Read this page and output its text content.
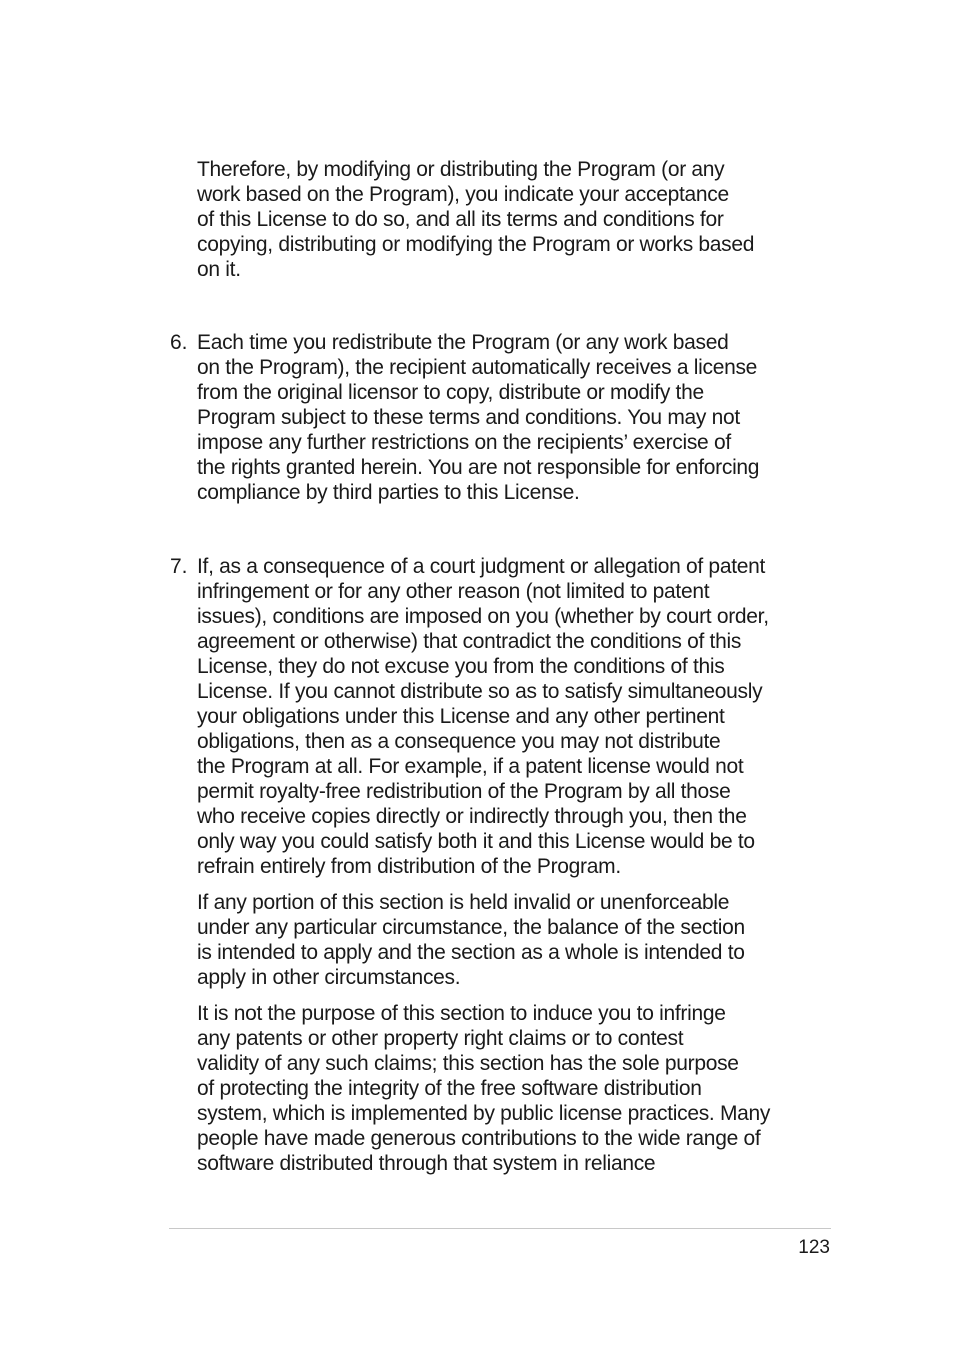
Therefore, by modifying or distributing the Program (or any
work based on the Program), you indicate your acceptance
of this License to do so, and all its terms and conditions for
copying, distributing or modifying the Program or works based
on it.
6. Each time you redistribute the Program (or any work based
on the Program), the recipient automatically receives a license
from the original licensor to copy, distribute or modify the
Program subject to these terms and conditions. You may not
impose any further restrictions on the recipients’ exercise of
the rights granted herein. You are not responsible for enforcing
compliance by third parties to this License.
7. If, as a consequence of a court judgment or allegation of patent
infringement or for any other reason (not limited to patent
issues), conditions are imposed on you (whether by court order,
agreement or otherwise) that contradict the conditions of this
License, they do not excuse you from the conditions of this
License. If you cannot distribute so as to satisfy simultaneously
your obligations under this License and any other pertinent
obligations, then as a consequence you may not distribute
the Program at all. For example, if a patent license would not
permit royalty-free redistribution of the Program by all those
who receive copies directly or indirectly through you, then the
only way you could satisfy both it and this License would be to
refrain entirely from distribution of the Program.
If any portion of this section is held invalid or unenforceable
under any particular circumstance, the balance of the section
is intended to apply and the section as a whole is intended to
apply in other circumstances.
It is not the purpose of this section to induce you to infringe
any patents or other property right claims or to contest
validity of any such claims; this section has the sole purpose
of protecting the integrity of the free software distribution
system, which is implemented by public license practices. Many
people have made generous contributions to the wide range of
software distributed through that system in reliance
123
